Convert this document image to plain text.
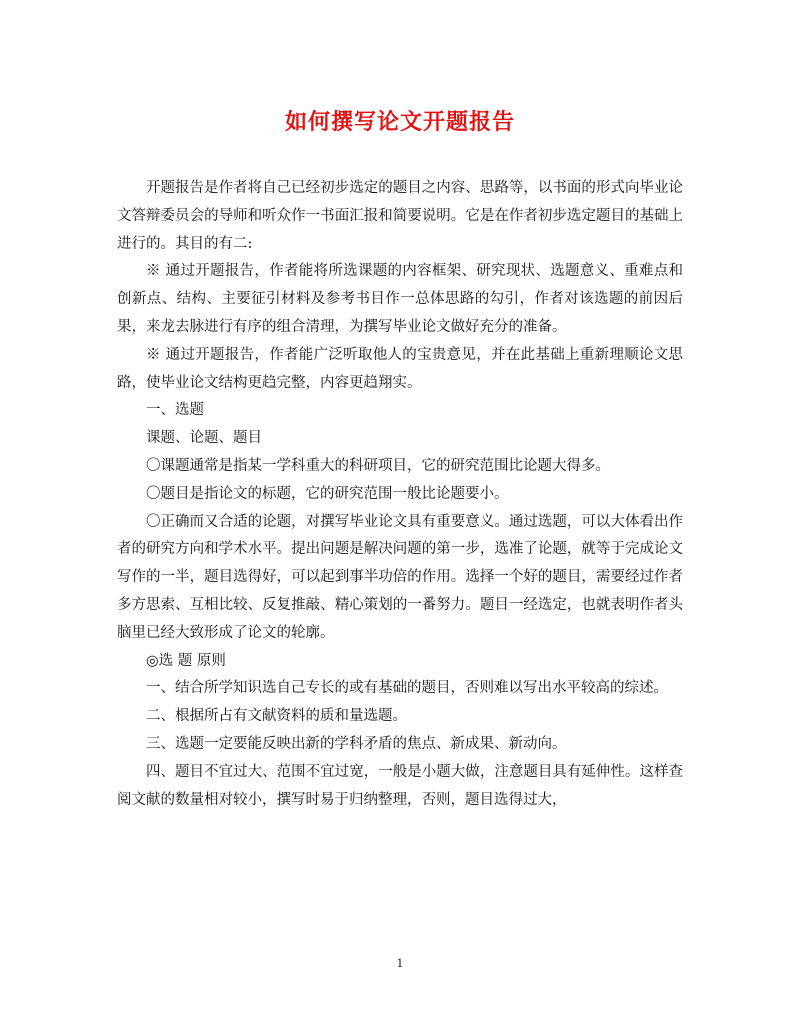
如何撰写论文开题报告

开题报告是作者将自己已经初步选定的题目之内容、思路等，以书面的形式向毕业论文答辩委员会的导师和听众作一书面汇报和简要说明。它是在作者初步选定题目的基础上进行的。其目的有二:

※ 通过开题报告，作者能将所选课题的内容框架、研究现状、选题意义、重难点和创新点、结构、主要征引材料及参考书目作一总体思路的勾引，作者对该选题的前因后果，来龙去脉进行有序的组合清理，为撰写毕业论文做好充分的准备。

※ 通过开题报告，作者能广泛听取他人的宝贵意见，并在此基础上重新理顺论文思路，使毕业论文结构更趋完整，内容更趋翔实。

一、选题

课题、论题、题目

〇课题通常是指某一学科重大的科研项目，它的研究范围比论题大得多。

〇题目是指论文的标题，它的研究范围一般比论题要小。

〇正确而又合适的论题，对撰写毕业论文具有重要意义。通过选题，可以大体看出作者的研究方向和学术水平。提出问题是解决问题的第一步，选准了论题，就等于完成论文写作的一半，题目选得好，可以起到事半功倍的作用。选择一个好的题目，需要经过作者多方思索、互相比较、反复推敲、精心策划的一番努力。题目一经选定，也就表明作者头脑里已经大致形成了论文的轮廓。

◎选 题 原则

一、结合所学知识选自己专长的或有基础的题目，否则难以写出水平较高的综述。

二、根据所占有文献资料的质和量选题。

三、选题一定要能反映出新的学科矛盾的焦点、新成果、新动向。

四、题目不宜过大、范围不宜过宽，一般是小题大做，注意题目具有延伸性。这样查阅文献的数量相对较小，撰写时易于归纳整理，否则，题目选得过大，

1
